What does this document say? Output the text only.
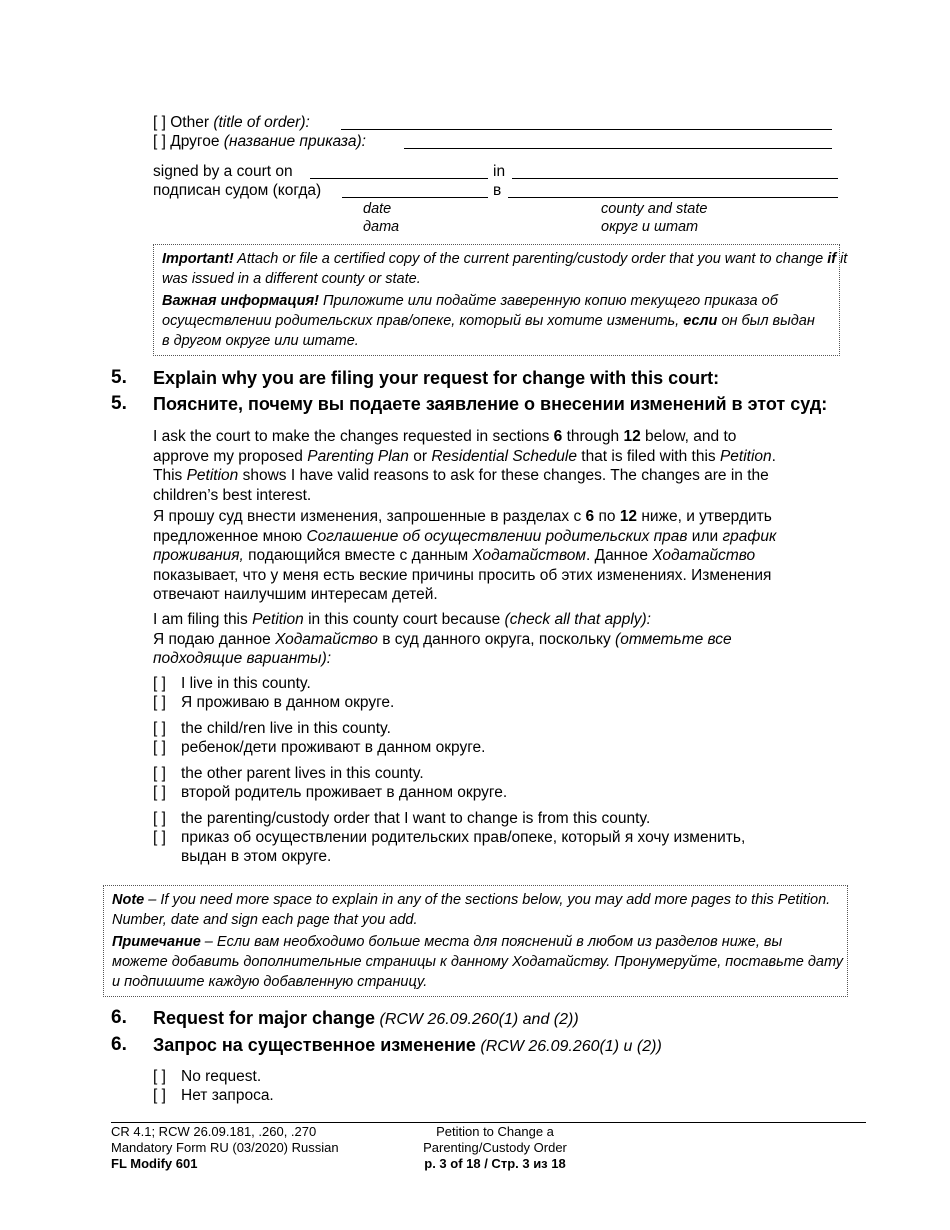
[ ] Other (title of order):
[ ] Другое (название приказа):
signed by a court on	in
подписан судом (когда)	в
date
дата
county and state
округ и штат
Important! Attach or file a certified copy of the current parenting/custody order that you want to change if it
was issued in a different county or state.
Важная информация! Приложите или подайте заверенную копию текущего приказа об
осуществлении родительских прав/опеке, который вы хотите изменить, если он был выдан
в другом округе или штате.
5. Explain why you are filing your request for change with this court:
5. Поясните, почему вы подаете заявление о внесении изменений в этот суд:
I ask the court to make the changes requested in sections 6 through 12 below, and to
approve my proposed Parenting Plan or Residential Schedule that is filed with this Petition.
This Petition shows I have valid reasons to ask for these changes. The changes are in the
children’s best interest.
Я прошу суд внести изменения, запрошенные в разделах с 6 по 12 ниже, и утвердить
предложенное мною Соглашение об осуществлении родительских прав или график
проживания, подающийся вместе с данным Ходатайством. Данное Ходатайство
показывает, что у меня есть веские причины просить об этих изменениях. Изменения
отвечают наилучшим интересам детей.
I am filing this Petition in this county court because (check all that apply):
Я подаю данное Ходатайство в суд данного округа, поскольку (отметьте все
подходящие варианты):
[ ] I live in this county.
[ ] Я проживаю в данном округе.
[ ] the child/ren live in this county.
[ ] ребенок/дети проживают в данном округе.
[ ] the other parent lives in this county.
[ ] второй родитель проживает в данном округе.
[ ] the parenting/custody order that I want to change is from this county.
[ ] приказ об осуществлении родительских прав/опеке, который я хочу изменить,
выдан в этом округе.
Note – If you need more space to explain in any of the sections below, you may add more pages to this Petition.
Number, date and sign each page that you add.
Примечание – Если вам необходимо больше места для пояснений в любом из разделов ниже, вы
можете добавить дополнительные страницы к данному Ходатайству. Пронумеруйте, поставьте дату
и подпишите каждую добавленную страницу.
6. Request for major change (RCW 26.09.260(1) and (2))
6. Запрос на существенное изменение (RCW 26.09.260(1) и (2))
[ ] No request.
[ ] Нет запроса.
CR 4.1; RCW 26.09.181, .260, .270
Mandatory Form RU (03/2020) Russian
FL Modify 601
Petition to Change a
Parenting/Custody Order
p. 3 of 18 / Стр. 3 из 18
